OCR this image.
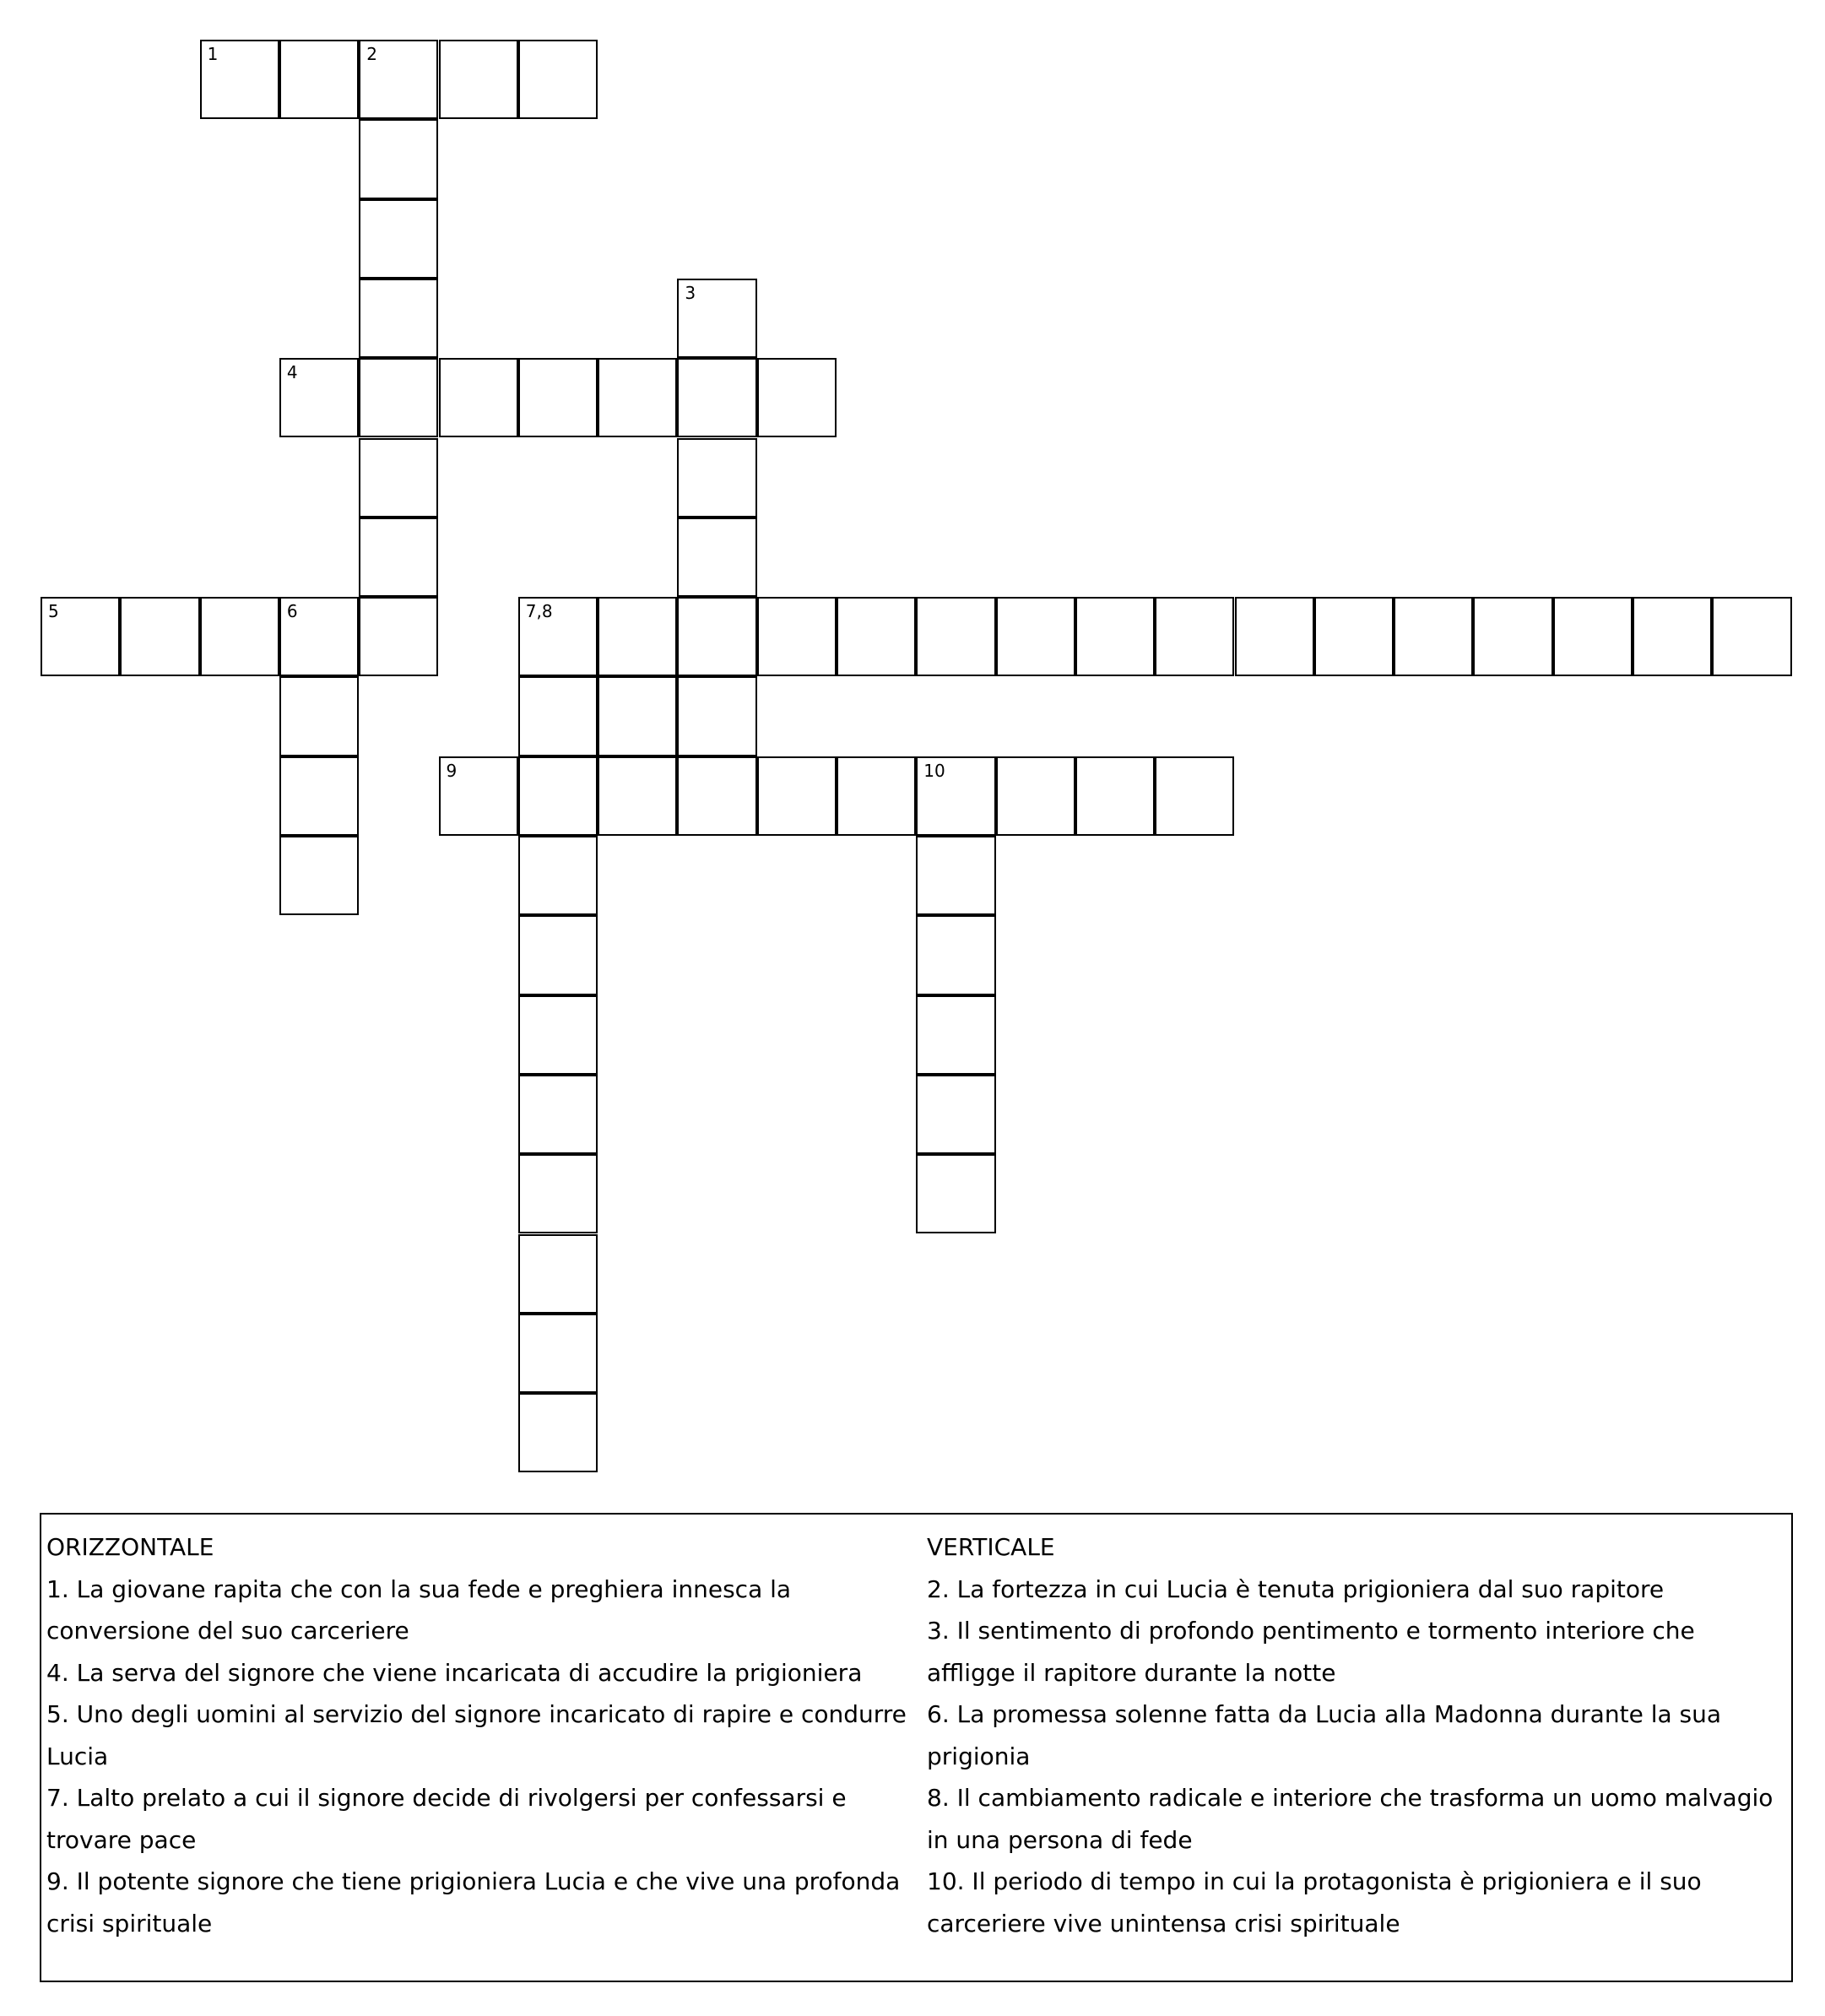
1	2
3
4
5	6	7,8
9	10

ORIZZONTALE

1. La giovane rapita che con la sua fede e preghiera innesca la conversione del suo carceriere

4. La serva del signore che viene incaricata di accudire la prigioniera

5. Uno degli uomini al servizio del signore incaricato di rapire e condurre Lucia

7. Lalto prelato a cui il signore decide di rivolgersi per confessarsi e trovare pace

9. Il potente signore che tiene prigioniera Lucia e che vive una profonda crisi spirituale

VERTICALE

2. La fortezza in cui Lucia è tenuta prigioniera dal suo rapitore

3. Il sentimento di profondo pentimento e tormento interiore che affligge il rapitore durante la notte

6. La promessa solenne fatta da Lucia alla Madonna durante la sua prigionia

8. Il cambiamento radicale e interiore che trasforma un uomo malvagio in una persona di fede

10. Il periodo di tempo in cui la protagonista è prigioniera e il suo carceriere vive unintensa crisi spirituale
